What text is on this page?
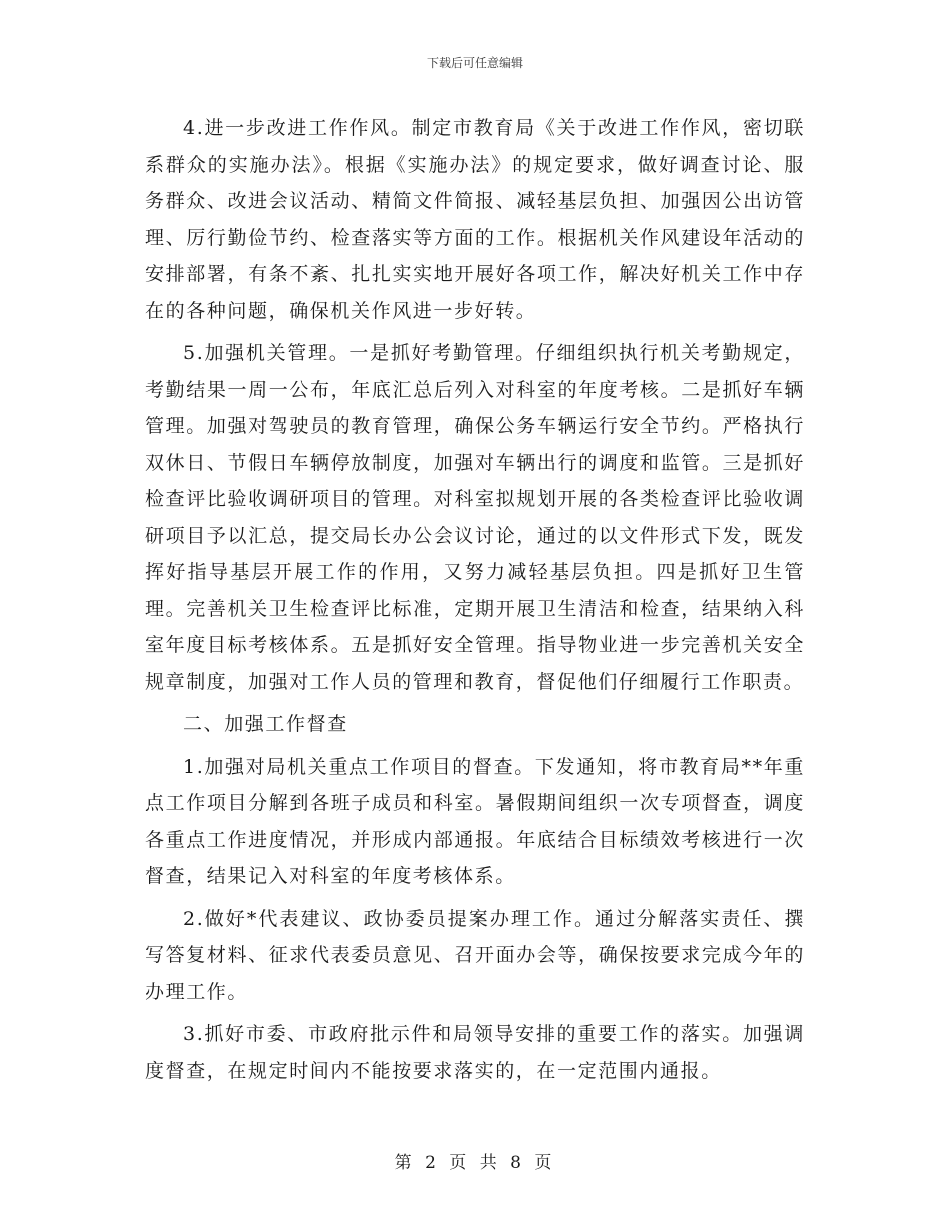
下载后可任意编辑

4.进一步改进工作作风。制定市教育局《关于改进工作作风，密切联系群众的实施办法》。根据《实施办法》的规定要求，做好调查讨论、服务群众、改进会议活动、精简文件简报、减轻基层负担、加强因公出访管理、厉行勤俭节约、检查落实等方面的工作。根据机关作风建设年活动的安排部署，有条不紊、扎扎实实地开展好各项工作，解决好机关工作中存在的各种问题，确保机关作风进一步好转。

5.加强机关管理。一是抓好考勤管理。仔细组织执行机关考勤规定，考勤结果一周一公布，年底汇总后列入对科室的年度考核。二是抓好车辆管理。加强对驾驶员的教育管理，确保公务车辆运行安全节约。严格执行双休日、节假日车辆停放制度，加强对车辆出行的调度和监管。三是抓好检查评比验收调研项目的管理。对科室拟规划开展的各类检查评比验收调研项目予以汇总，提交局长办公会议讨论，通过的以文件形式下发，既发挥好指导基层开展工作的作用，又努力减轻基层负担。四是抓好卫生管理。完善机关卫生检查评比标准，定期开展卫生清洁和检查，结果纳入科室年度目标考核体系。五是抓好安全管理。指导物业进一步完善机关安全规章制度，加强对工作人员的管理和教育，督促他们仔细履行工作职责。

二、加强工作督查

1.加强对局机关重点工作项目的督查。下发通知，将市教育局**年重点工作项目分解到各班子成员和科室。暑假期间组织一次专项督查，调度各重点工作进度情况，并形成内部通报。年底结合目标绩效考核进行一次督查，结果记入对科室的年度考核体系。

2.做好*代表建议、政协委员提案办理工作。通过分解落实责任、撰写答复材料、征求代表委员意见、召开面办会等，确保按要求完成今年的办理工作。

3.抓好市委、市政府批示件和局领导安排的重要工作的落实。加强调度督查，在规定时间内不能按要求落实的，在一定范围内通报。

第 2 页 共 8 页
